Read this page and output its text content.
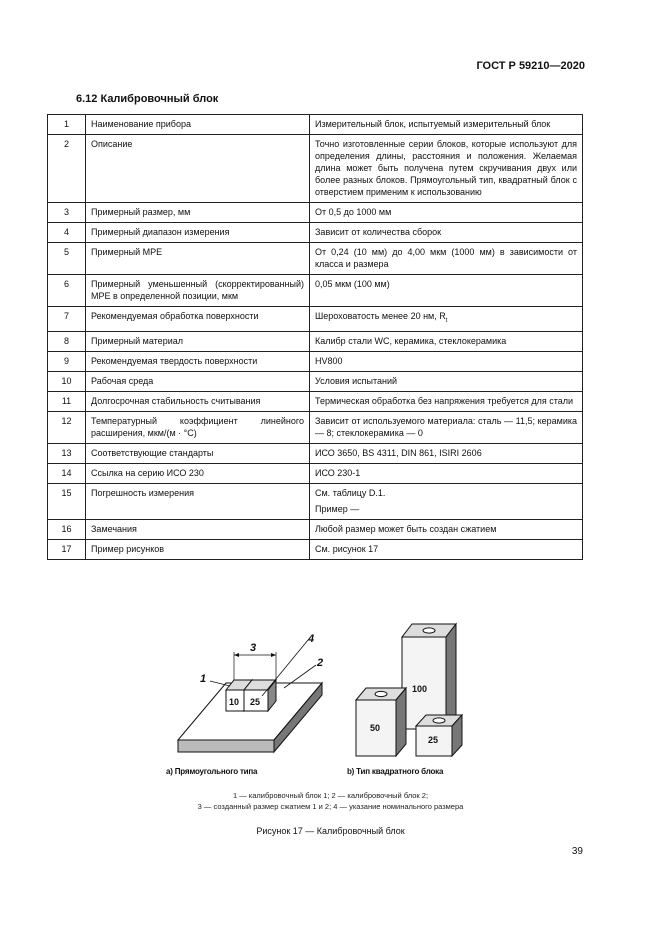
ГОСТ Р 59210—2020
6.12 Калибровочный блок
1	Наименование прибора	Измерительный блок, испытуемый измерительный блок
2	Описание	Точно изготовленные серии блоков, которые используют для определения длины, расстояния и положения. Желаемая длина может быть получена путем скручивания двух или более разных блоков. Прямоугольный тип, квадратный блок с отверстием применим к использованию
3	Примерный размер, мм	От 0,5 до 1000 мм
4	Примерный диапазон измерения	Зависит от количества сборок
5	Примерный MPE	От 0,24 (10 мм) до 4,00 мкм (1000 мм) в зависимости от класса и размера
6	Примерный уменьшенный (скорректированный) MPE в определенной позиции, мкм	0,05 мкм (100 мм)
7	Рекомендуемая обработка поверхности	Шероховатость менее 20 нм, $R_t$
8	Примерный материал	Калибр стали WC, керамика, стеклокерамика
9	Рекомендуемая твердость поверхности	HV800
10	Рабочая среда	Условия испытаний
11	Долгосрочная стабильность считывания	Термическая обработка без напряжения требуется для стали
12	Температурный коэффициент линейного расширения, мкм/(м · °C)	Зависит от используемого материала: сталь — 11,5; керамика — 8; стеклокерамика — 0
13	Соответствующие стандарты	ИСО 3650, BS 4311, DIN 861, ISIRI 2606
14	Ссылка на серию ИСО 230	ИСО 230-1
15	Погрешность измерения	См. таблицу D.1.
Пример —

16	Замечания	Любой размер может быть создан сжатием
17	Пример рисунков	См. рисунок 17
10 25
3
1
4
2
100
50
25
a) Прямоугольного типа	b) Тип квадратного блока
1 — калибровочный блок 1; 2 — калибровочный блок 2;
3 — созданный размер сжатием 1 и 2; 4 — указание номинального размера
Рисунок 17 — Калибровочный блок
39
